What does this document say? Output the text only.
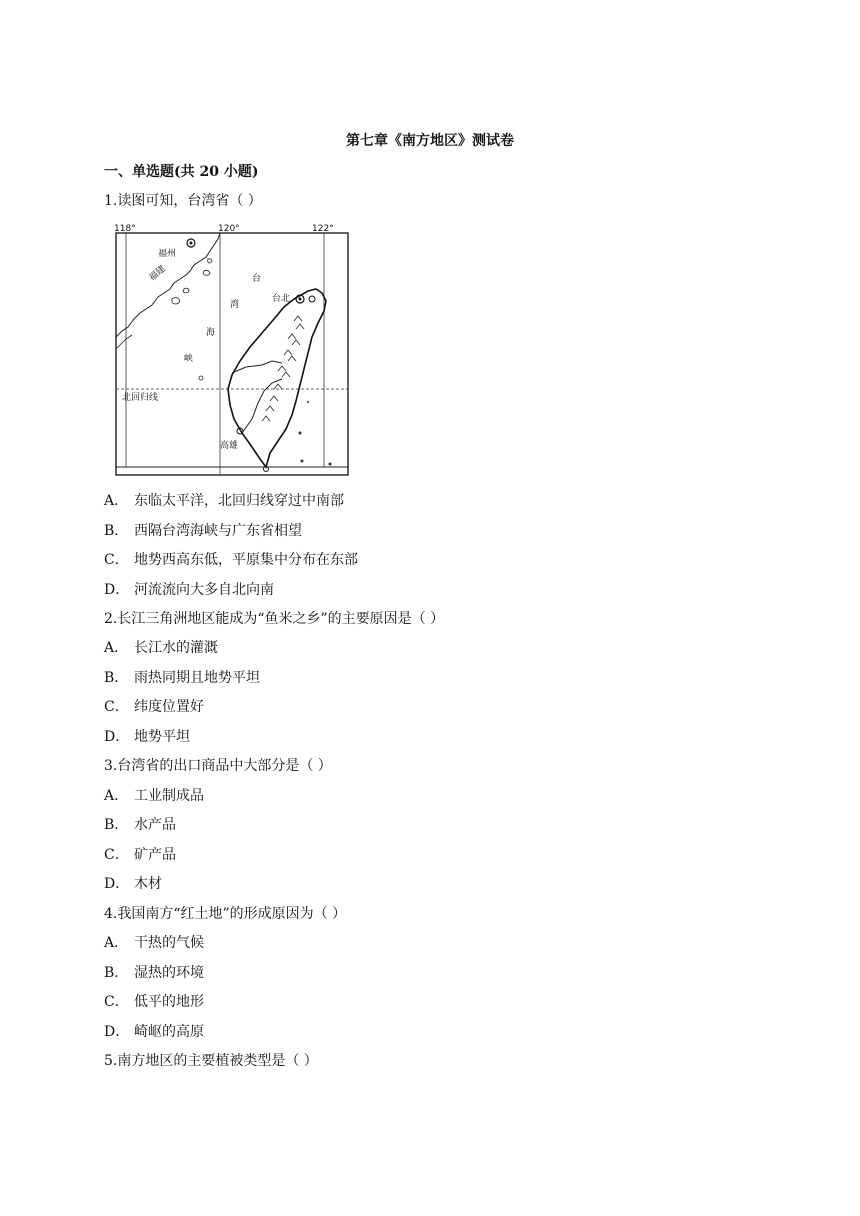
第七章《南方地区》测试卷
一、单选题(共 20 小题)
1.读图可知，台湾省（ ）
118°	120°	122°
北回归线
福州
福建	台
湾
海
峡
台北
高雄
A． 东临太平洋，北回归线穿过中南部
B． 西隔台湾海峡与广东省相望
C． 地势西高东低，平原集中分布在东部
D． 河流流向大多自北向南
2.长江三角洲地区能成为“鱼米之乡”的主要原因是（ ）
A． 长江水的灌溉
B． 雨热同期且地势平坦
C． 纬度位置好
D． 地势平坦
3.台湾省的出口商品中大部分是（ ）
A． 工业制成品
B． 水产品
C． 矿产品
D． 木材
4.我国南方“红土地”的形成原因为（ ）
A． 干热的气候
B． 湿热的环境
C． 低平的地形
D． 崎岖的高原
5.南方地区的主要植被类型是（ ）
